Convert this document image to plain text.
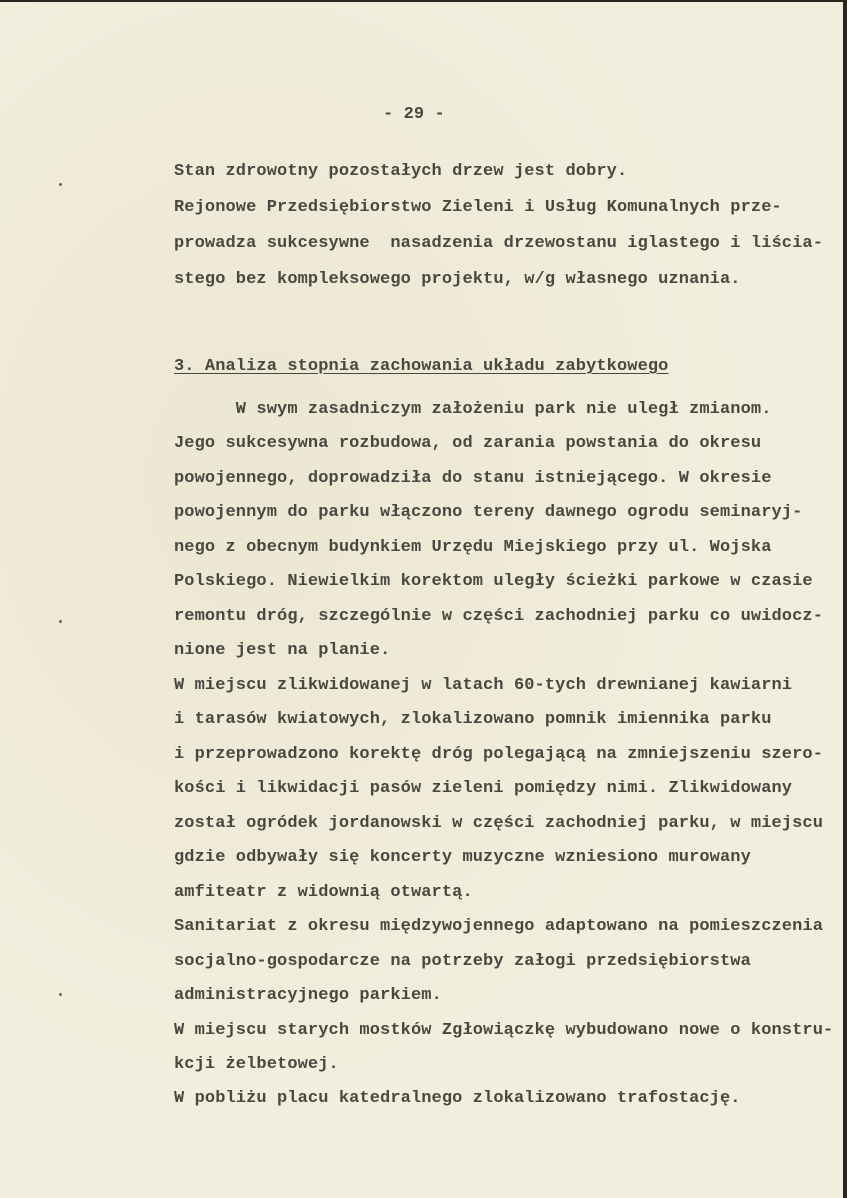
- 29 -
Stan zdrowotny pozostałych drzew jest dobry.
Rejonowe Przedsiębiorstwo Zieleni i Usług Komunalnych prze-
prowadza sukcesywne  nasadzenia drzewostanu iglastego i liścia-
stego bez kompleksowego projektu, w/g własnego uznania.
3. Analiza stopnia zachowania układu zabytkowego
W swym zasadniczym założeniu park nie uległ zmianom.
Jego sukcesywna rozbudowa, od zarania powstania do okresu
powojennego, doprowadziła do stanu istniejącego. W okresie
powojennym do parku włączono tereny dawnego ogrodu seminaryj-
nego z obecnym budynkiem Urzędu Miejskiego przy ul. Wojska
Polskiego. Niewielkim korektom uległy ścieżki parkowe w czasie
remontu dróg, szczególnie w części zachodniej parku co uwidocz-
nione jest na planie.
W miejscu zlikwidowanej w latach 60-tych drewnianej kawiarni
i tarasów kwiatowych, zlokalizowano pomnik imiennika parku
i przeprowadzono korektę dróg polegającą na zmniejszeniu szero-
kości i likwidacji pasów zieleni pomiędzy nimi. Zlikwidowany
został ogródek jordanowski w części zachodniej parku, w miejscu
gdzie odbywały się koncerty muzyczne wzniesiono murowany
amfiteatr z widownią otwartą.
Sanitariat z okresu międzywojennego adaptowano na pomieszczenia
socjalno-gospodarcze na potrzeby załogi przedsiębiorstwa
administracyjnego parkiem.
W miejscu starych mostków Zgłowiączkę wybudowano nowe o konstru-
kcji żelbetowej.
W pobliżu placu katedralnego zlokalizowano trafostację.
